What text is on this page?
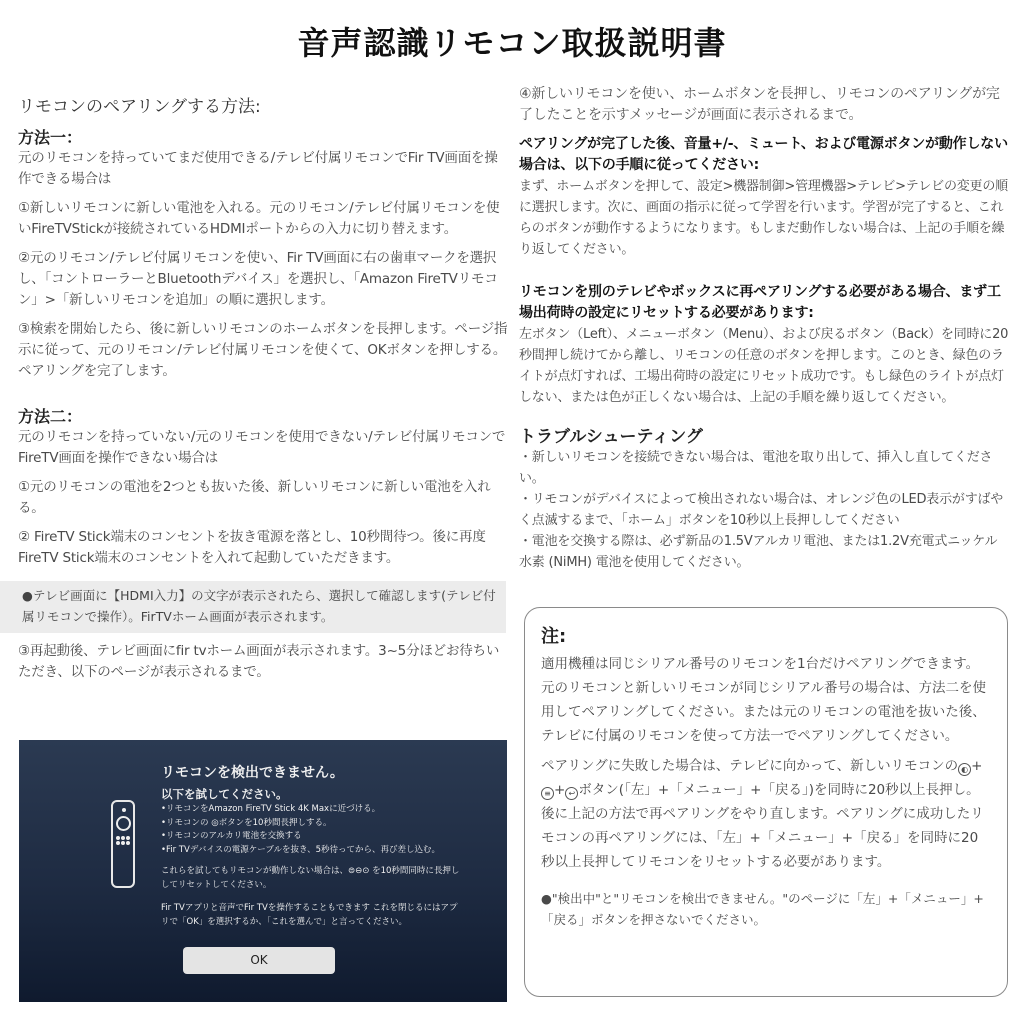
音声認識リモコン取扱説明書
リモコンのペアリングする方法:
方法一：
元のリモコンを持っていてまだ使用できる/テレビ付属リモコンでFir TV画面を操作できる場合は
①新しいリモコンに新しい電池を入れる。元のリモコン/テレビ付属リモコンを使いFireTVStickが接続されているHDMIポートからの入力に切り替えます。
②元のリモコン/テレビ付属リモコンを使い、Fir TV画面に右の歯車マークを選択し、「コントローラーとBluetoothデバイス」を選択し、「Amazon FireTVリモコン」>「新しいリモコンを追加」の順に選択します。
③検索を開始したら、後に新しいリモコンのホームボタンを長押します。ページ指示に従って、元のリモコン/テレビ付属リモコンを使くて、OKボタンを押しする。ペアリングを完了します。
方法二：
元のリモコンを持っていない/元のリモコンを使用できない/テレビ付属リモコンでFireTV画面を操作できない場合は
①元のリモコンの電池を2つとも抜いた後、新しいリモコンに新しい電池を入れる。
② FireTV Stick端末のコンセントを抜き電源を落とし、10秒間待つ。後に再度FireTV Stick端末のコンセントを入れて起動していただきます。
●テレビ画面に【HDMI入力】の文字が表示されたら、選択して確認します(テレビ付属リモコンで操作）。FirTVホーム画面が表示されます。
③再起動後、テレビ画面にfir tvホーム画面が表示されます。3~5分ほどお待ちいただき、以下のページが表示されるまで。
リモコンを検出できません。
以下を試してください。
•リモコンをAmazon FireTV Stick 4K Maxに近づける。
•リモコンの ◎ボタンを10秒間長押しする。
•リモコンのアルカリ電池を交換する
•Fir TVデバイスの電源ケーブルを抜き、5秒待ってから、再び差し込む。
これらを試してもリモコンが動作しない場合は、⊜⊖⊙ を10秒間同時に長押ししてリセットしてください。
Fir TVアプリと音声でFir TVを操作することもできます これを閉じるにはアプリで「OK」を選択するか、「これを選んで」と言ってください。
OK
④新しいリモコンを使い、ホームボタンを長押し、リモコンのペアリングが完了したことを示すメッセージが画面に表示されるまで。
ペアリングが完了した後、音量+/-、ミュート、および電源ボタンが動作しない場合は、以下の手順に従ってください:
まず、ホームボタンを押して、設定>機器制御>管理機器>テレビ>テレビの変更の順に選択します。次に、画面の指示に従って学習を行います。学習が完了すると、これらのボタンが動作するようになります。もしまだ動作しない場合は、上記の手順を繰り返してください。
リモコンを別のテレビやボックスに再ペアリングする必要がある場合、まず工場出荷時の設定にリセットする必要があります:
左ボタン（Left）、メニューボタン（Menu）、および戻るボタン（Back）を同時に20秒間押し続けてから離し、リモコンの任意のボタンを押します。このとき、緑色のライトが点灯すれば、工場出荷時の設定にリセット成功です。もし緑色のライトが点灯しない、または色が正しくない場合は、上記の手順を繰り返してください。
トラブルシューティング
・新しいリモコンを接続できない場合は、電池を取り出して、挿入し直してください。
・リモコンがデバイスによって検出されない場合は、オレンジ色のLED表示がすばやく点滅するまで、「ホーム」ボタンを10秒以上長押ししてください
・電池を交換する際は、必ず新品の1.5Vアルカリ電池、または1.2V充電式ニッケル水素 (NiMH) 電池を使用してください。
注:
適用機種は同じシリアル番号のリモコンを1台だけペアリングできます。元のリモコンと新しいリモコンが同じシリアル番号の場合は、方法二を使用してペアリングしてください。または元のリモコンの電池を抜いた後、テレビに付属のリモコンを使って方法一でペアリングしてください。
ペアリングに失敗した場合は、テレビに向かって、新しいリモコンの ◐ +≡ + ↩ ボタン(「左」+「メニュー」+「戻る」)を同時に20秒以上長押し。後に上記の方法で再ペアリングをやり直します。ペアリングに成功したリモコンの再ペアリングには、「左」+「メニュー」+「戻る」を同時に20秒以上長押してリモコンをリセットする必要があります。
●"検出中"と"リモコンを検出できません。"のページに「左」+「メニュー」+「戻る」ボタンを押さないでください。
